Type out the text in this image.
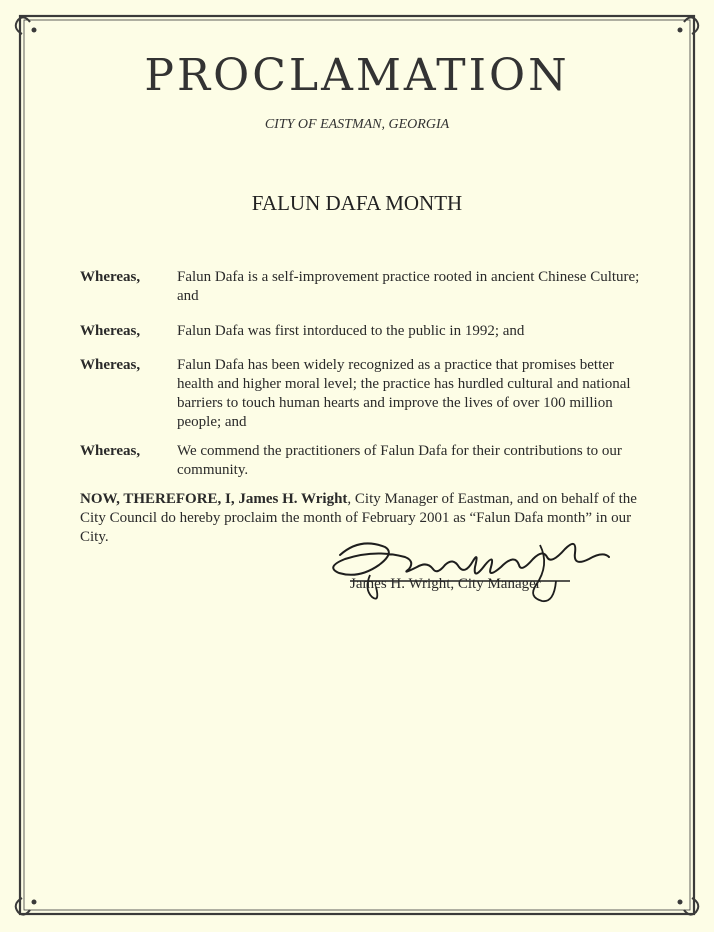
PROCLAMATION
CITY OF EASTMAN, GEORGIA
FALUN DAFA MONTH
Whereas, Falun Dafa is a self-improvement practice rooted in ancient Chinese Culture; and
Whereas, Falun Dafa was first intorduced to the public in 1992; and
Whereas, Falun Dafa has been widely recognized as a practice that promises better health and higher moral level; the practice has hurdled cultural and national barriers to touch human hearts and improve the lives of over 100 million people; and
Whereas, We commend the practitioners of Falun Dafa for their contributions to our community.
NOW, THEREFORE, I, James H. Wright, City Manager of Eastman, and on behalf of the City Council do hereby proclaim the month of February 2001 as “Falun Dafa month” in our City.
James H. Wright, City Manager
